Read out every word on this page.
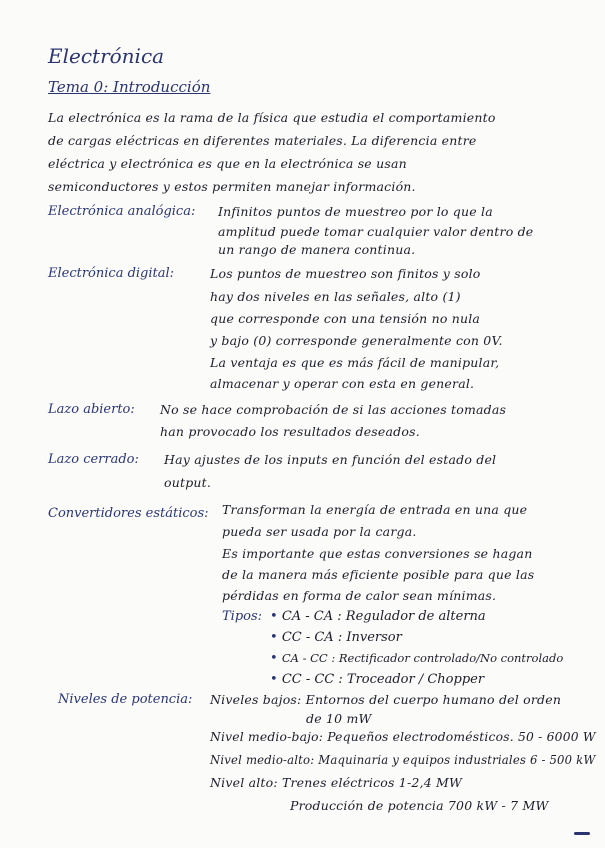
Electrónica
Tema 0: Introducción
La electrónica es la rama de la física que estudia el comportamiento
de cargas eléctricas en diferentes materiales. La diferencia entre
eléctrica y electrónica es que en la electrónica se usan
semiconductores y estos permiten manejar información.
Electrónica analógica: Infinitos puntos de muestreo por lo que la
amplitud puede tomar cualquier valor dentro de
un rango de manera continua.
Electrónica digital:	Los puntos de muestreo son finitos y solo
hay dos niveles en las señales, alto (1)
que corresponde con una tensión no nula
y bajo (0) corresponde generalmente con 0V.
La ventaja es que es más fácil de manipular,
almacenar y operar con esta en general.
Lazo abierto: No se hace comprobación de si las acciones tomadas
han provocado los resultados deseados.
Lazo cerrado: Hay ajustes de los inputs en función del estado del
output.
Convertidores estáticos: Transforman la energía de entrada en una que
pueda ser usada por la carga.
Es importante que estas conversiones se hagan
de la manera más eficiente posible para que las
pérdidas en forma de calor sean mínimas.
Tipos: • CA - CA : Regulador de alterna
• CC - CA : Inversor
• CA - CC : Rectificador controlado/No controlado
• CC - CC : Troceador / Chopper
Niveles de potencia: Niveles bajos: Entornos del cuerpo humano del orden
de 10 mW
Nivel medio-bajo: Pequeños electrodomésticos. 50 - 6000 W
Nivel medio-alto: Maquinaria y equipos industriales 6 - 500 kW
Nivel alto: Trenes eléctricos 1-2,4 MW
Producción de potencia 700 kW - 7 MW
